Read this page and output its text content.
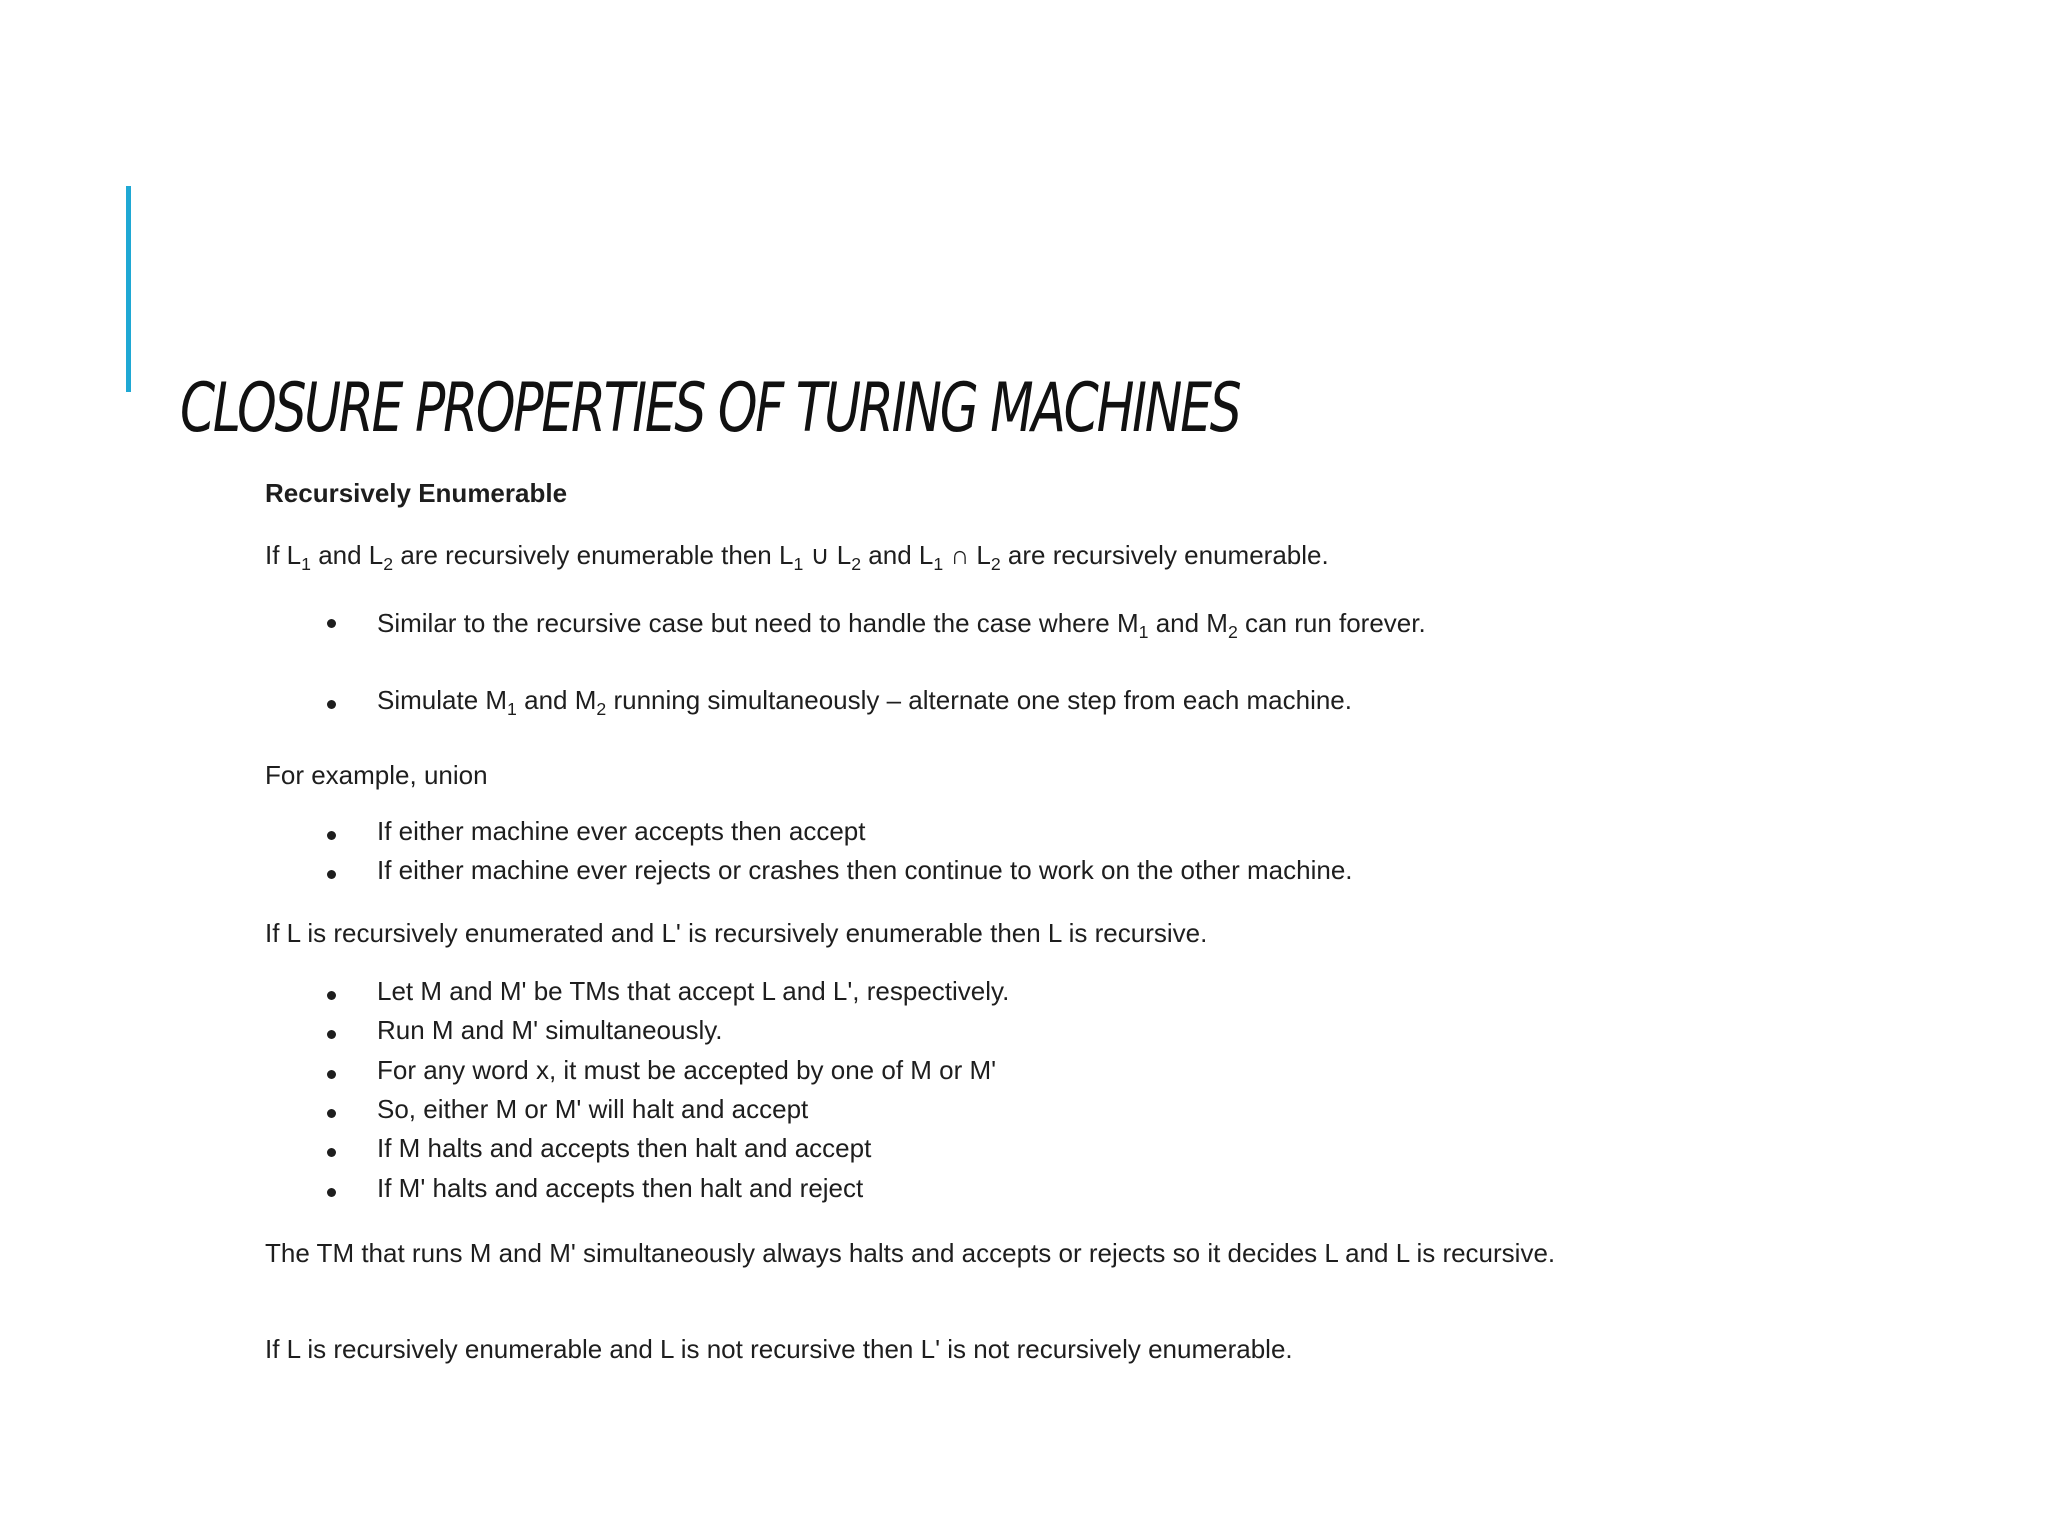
CLOSURE PROPERTIES OF TURING MACHINES
Recursively Enumerable
If $L_1$ and $L_2$ are recursively enumerable then $L_1$ ∪ $L_2$ and $L_1$ ∩ $L_2$ are recursively enumerable.
Similar to the recursive case but need to handle the case where $M_1$ and $M_2$ can run forever.
Simulate $M_1$ and $M_2$ running simultaneously – alternate one step from each machine.
For example, union
If either machine ever accepts then accept
If either machine ever rejects or crashes then continue to work on the other machine.
If L is recursively enumerated and L' is recursively enumerable then L is recursive.
Let M and M' be TMs that accept L and L', respectively.
Run M and M' simultaneously.
For any word x, it must be accepted by one of M or M'
So, either M or M' will halt and accept
If M halts and accepts then halt and accept
If M' halts and accepts then halt and reject
The TM that runs M and M' simultaneously always halts and accepts or rejects so it decides L and L is recursive.
If L is recursively enumerable and L is not recursive then L' is not recursively enumerable.
